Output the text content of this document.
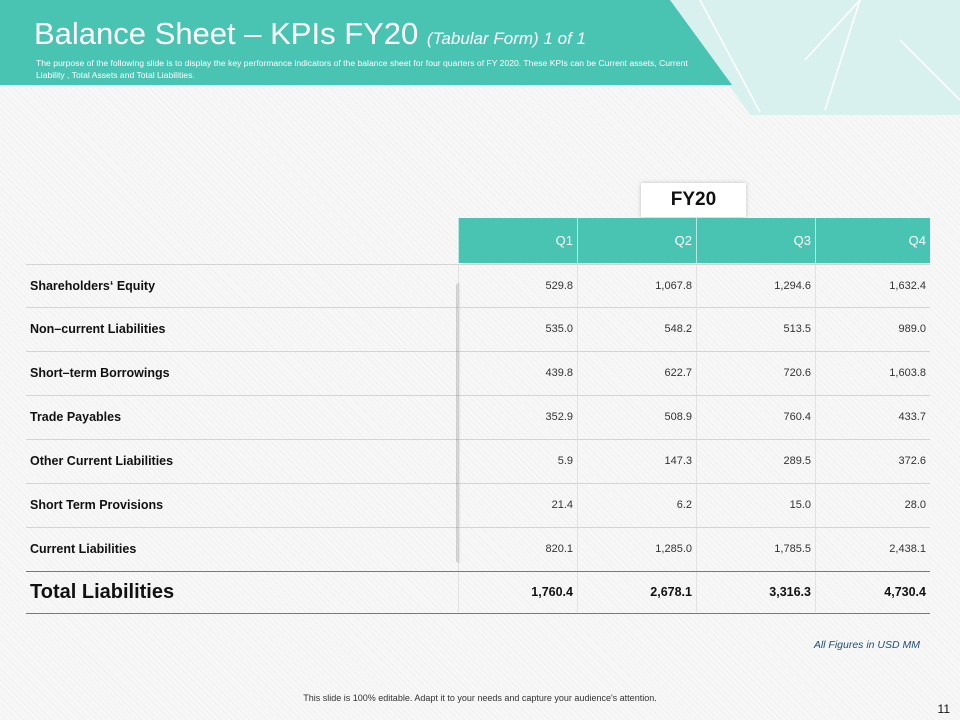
Balance Sheet – KPIs FY20 (Tabular Form) 1 of 1

The purpose of the following slide is to display the key performance indicators of the balance sheet for four quarters of FY 2020. These KPIs can be Current assets, Current Liability , Total Assets and Total Liabilities.

FY20
Q1	Q2	Q3	Q4
Shareholders‘ Equity	529.8	1,067.8	1,294.6	1,632.4
Non–current Liabilities	535.0	548.2	513.5	989.0
Short–term Borrowings	439.8	622.7	720.6	1,603.8
Trade Payables	352.9	508.9	760.4	433.7
Other Current Liabilities	5.9	147.3	289.5	372.6
Short Term Provisions	21.4	6.2	15.0	28.0
Current Liabilities	820.1	1,285.0	1,785.5	2,438.1
Total Liabilities	1,760.4	2,678.1	3,316.3	4,730.4
All Figures in USD MM
This slide is 100% editable. Adapt it to your needs and capture your audience's attention.
11
